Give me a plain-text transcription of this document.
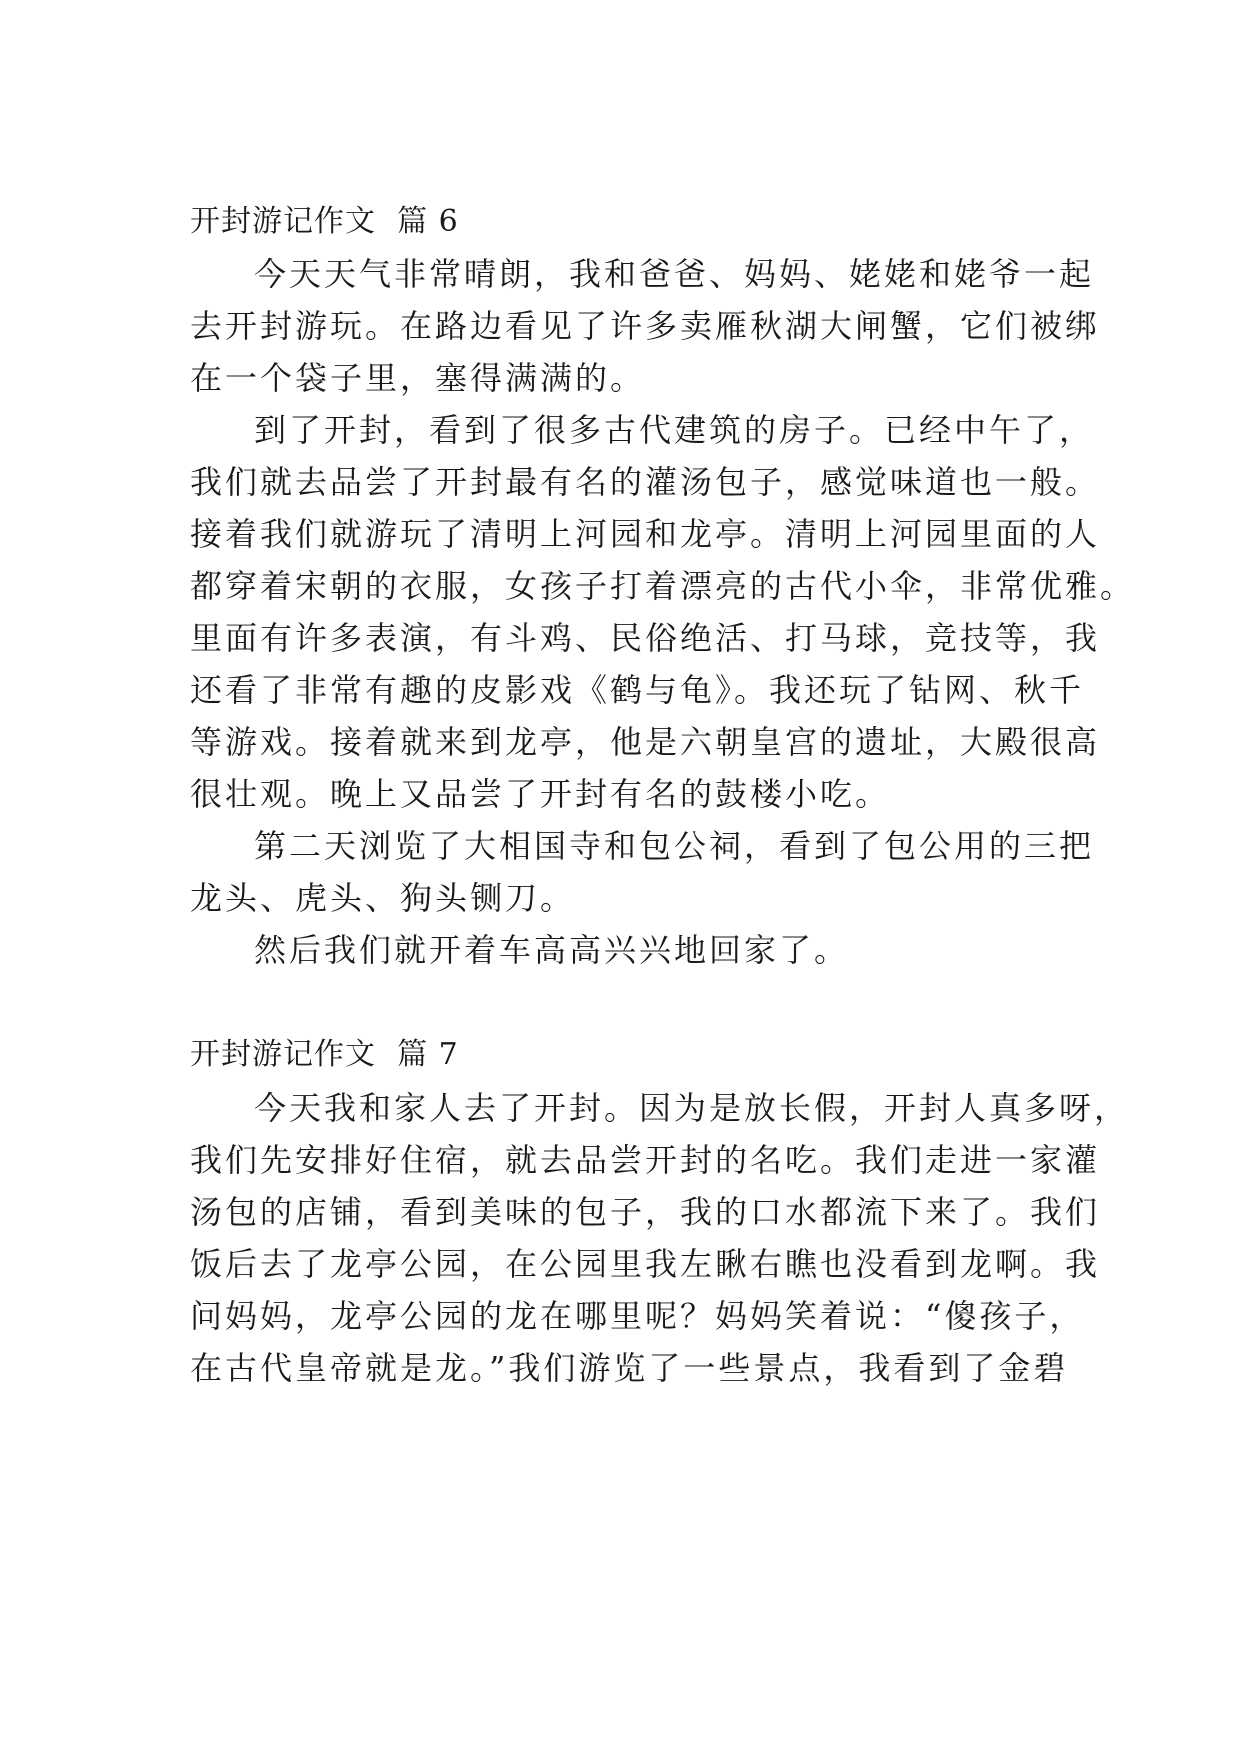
开封游记作文  篇 6
今天天气非常晴朗，我和爸爸、妈妈、姥姥和姥爷一起
去开封游玩。在路边看见了许多卖雁秋湖大闸蟹，它们被绑
在一个袋子里，塞得满满的。
到了开封，看到了很多古代建筑的房子。已经中午了，
我们就去品尝了开封最有名的灌汤包子，感觉味道也一般。
接着我们就游玩了清明上河园和龙亭。清明上河园里面的人
都穿着宋朝的衣服，女孩子打着漂亮的古代小伞，非常优雅。
里面有许多表演，有斗鸡、民俗绝活、打马球，竞技等，我
还看了非常有趣的皮影戏《鹤与龟》。我还玩了钻网、秋千
等游戏。接着就来到龙亭，他是六朝皇宫的遗址，大殿很高
很壮观。晚上又品尝了开封有名的鼓楼小吃。
第二天浏览了大相国寺和包公祠，看到了包公用的三把
龙头、虎头、狗头铡刀。
然后我们就开着车高高兴兴地回家了。
开封游记作文  篇 7
今天我和家人去了开封。因为是放长假，开封人真多呀，
我们先安排好住宿，就去品尝开封的名吃。我们走进一家灌
汤包的店铺，看到美味的包子，我的口水都流下来了。我们
饭后去了龙亭公园，在公园里我左瞅右瞧也没看到龙啊。我
问妈妈，龙亭公园的龙在哪里呢？妈妈笑着说：“傻孩子，
在古代皇帝就是龙。”我们游览了一些景点，我看到了金碧
